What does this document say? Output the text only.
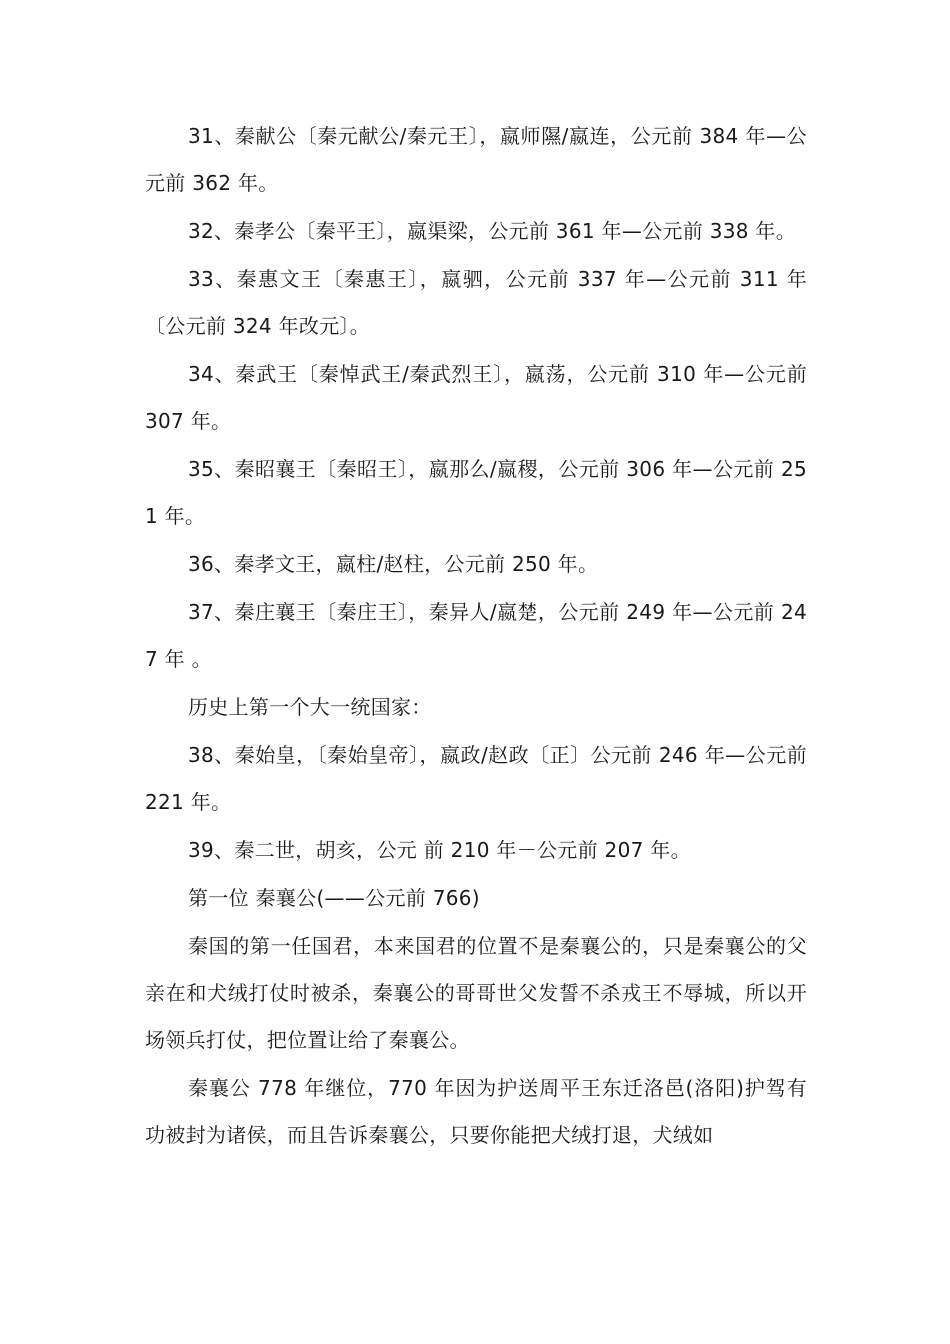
31、秦献公〔秦元献公/秦元王〕，嬴师隰/嬴连，公元前 384 年—公元前 362 年。

32、秦孝公〔秦平王〕，嬴渠梁，公元前 361 年—公元前 338 年。

33、秦惠文王〔秦惠王〕，嬴驷，公元前 337 年—公元前 311 年〔公元前 324 年改元〕。

34、秦武王〔秦悼武王/秦武烈王〕，嬴荡，公元前 310 年—公元前 307 年。

35、秦昭襄王〔秦昭王〕，嬴那么/嬴稷，公元前 306 年—公元前 251 年。

36、秦孝文王，嬴柱/赵柱，公元前 250 年。

37、秦庄襄王〔秦庄王〕，秦异人/嬴楚，公元前 249 年—公元前 247 年 。

历史上第一个大一统国家：

38、秦始皇，〔秦始皇帝〕，嬴政/赵政〔正〕公元前 246 年—公元前 221 年。

39、秦二世，胡亥，公元 前 210 年－公元前 207 年。

第一位 秦襄公(——公元前 766)

秦国的第一任国君，本来国君的位置不是秦襄公的，只是秦襄公的父亲在和犬绒打仗时被杀，秦襄公的哥哥世父发誓不杀戎王不辱城，所以开场领兵打仗，把位置让给了秦襄公。

秦襄公 778 年继位，770 年因为护送周平王东迁洛邑(洛阳)护驾有功被封为诸侯，而且告诉秦襄公，只要你能把犬绒打退，犬绒如
